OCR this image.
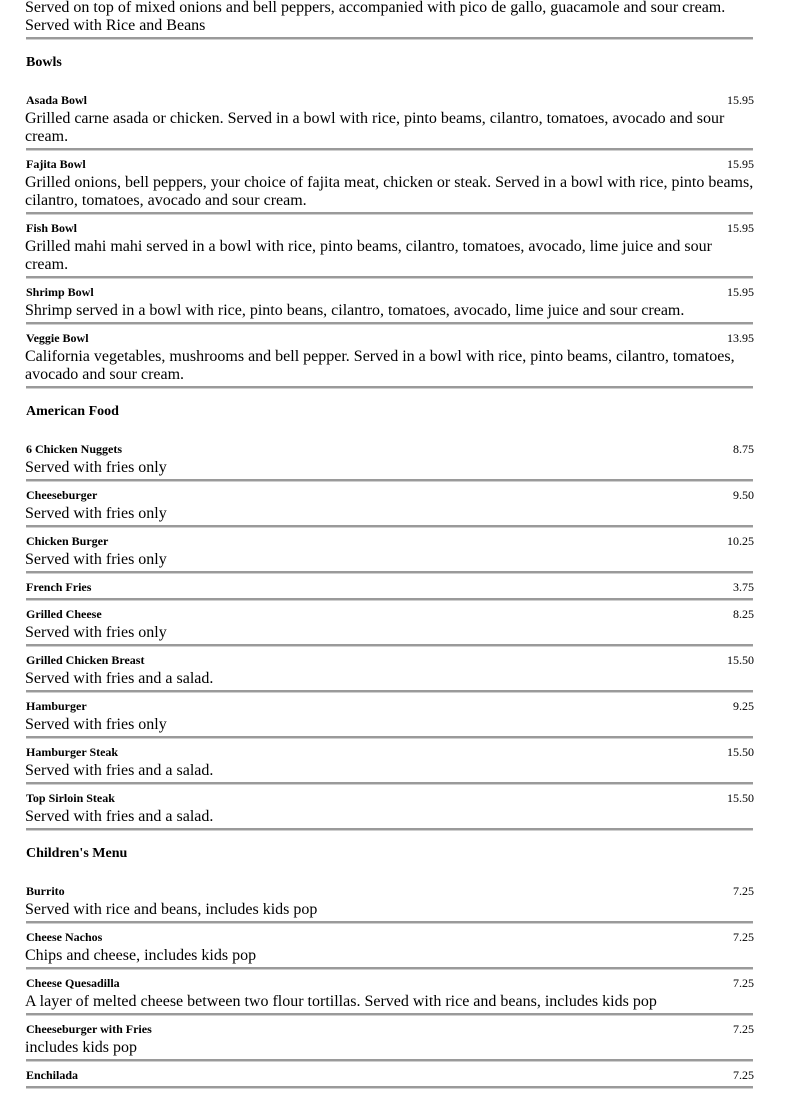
Served on top of mixed onions and bell peppers, accompanied with pico de gallo, guacamole and sour cream. Served with Rice and Beans
Bowls
Asada Bowl	15.95
Grilled carne asada or chicken. Served in a bowl with rice, pinto beams, cilantro, tomatoes, avocado and sour cream.
Fajita Bowl	15.95
Grilled onions, bell peppers, your choice of fajita meat, chicken or steak. Served in a bowl with rice, pinto beams, cilantro, tomatoes, avocado and sour cream.
Fish Bowl	15.95
Grilled mahi mahi served in a bowl with rice, pinto beams, cilantro, tomatoes, avocado, lime juice and sour cream.
Shrimp Bowl	15.95
Shrimp served in a bowl with rice, pinto beans, cilantro, tomatoes, avocado, lime juice and sour cream.
Veggie Bowl	13.95
California vegetables, mushrooms and bell pepper. Served in a bowl with rice, pinto beams, cilantro, tomatoes, avocado and sour cream.
American Food
6 Chicken Nuggets	8.75
Served with fries only
Cheeseburger	9.50
Served with fries only
Chicken Burger	10.25
Served with fries only
French Fries	3.75
Grilled Cheese	8.25
Served with fries only
Grilled Chicken Breast	15.50
Served with fries and a salad.
Hamburger	9.25
Served with fries only
Hamburger Steak	15.50
Served with fries and a salad.
Top Sirloin Steak	15.50
Served with fries and a salad.
Children's Menu
Burrito	7.25
Served with rice and beans, includes kids pop
Cheese Nachos	7.25
Chips and cheese, includes kids pop
Cheese Quesadilla	7.25
A layer of melted cheese between two flour tortillas. Served with rice and beans, includes kids pop
Cheeseburger with Fries	7.25
includes kids pop
Enchilada	7.25
